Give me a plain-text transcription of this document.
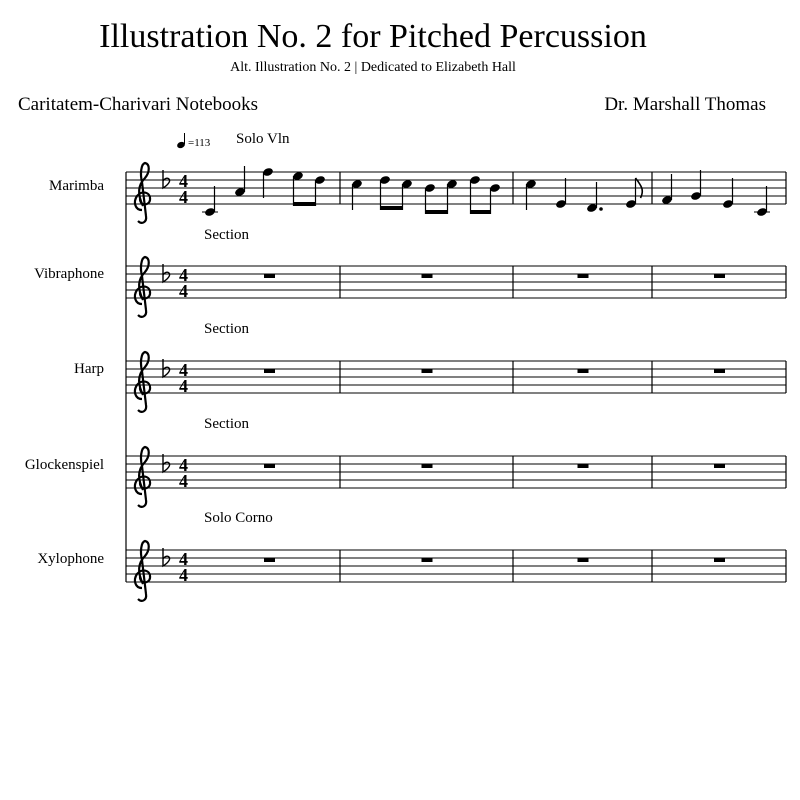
Illustration No. 2 for Pitched Percussion
Alt. Illustration No. 2 | Dedicated to Elizabeth Hall
Caritatem-Charivari Notebooks	Dr. Marshall Thomas
=113
4
4
4
4
4
4
4
4
4
4
Marimba
Solo Vln
Vibraphone
Section
Harp
Section
Glockenspiel
Section
Xylophone
Solo Corno
